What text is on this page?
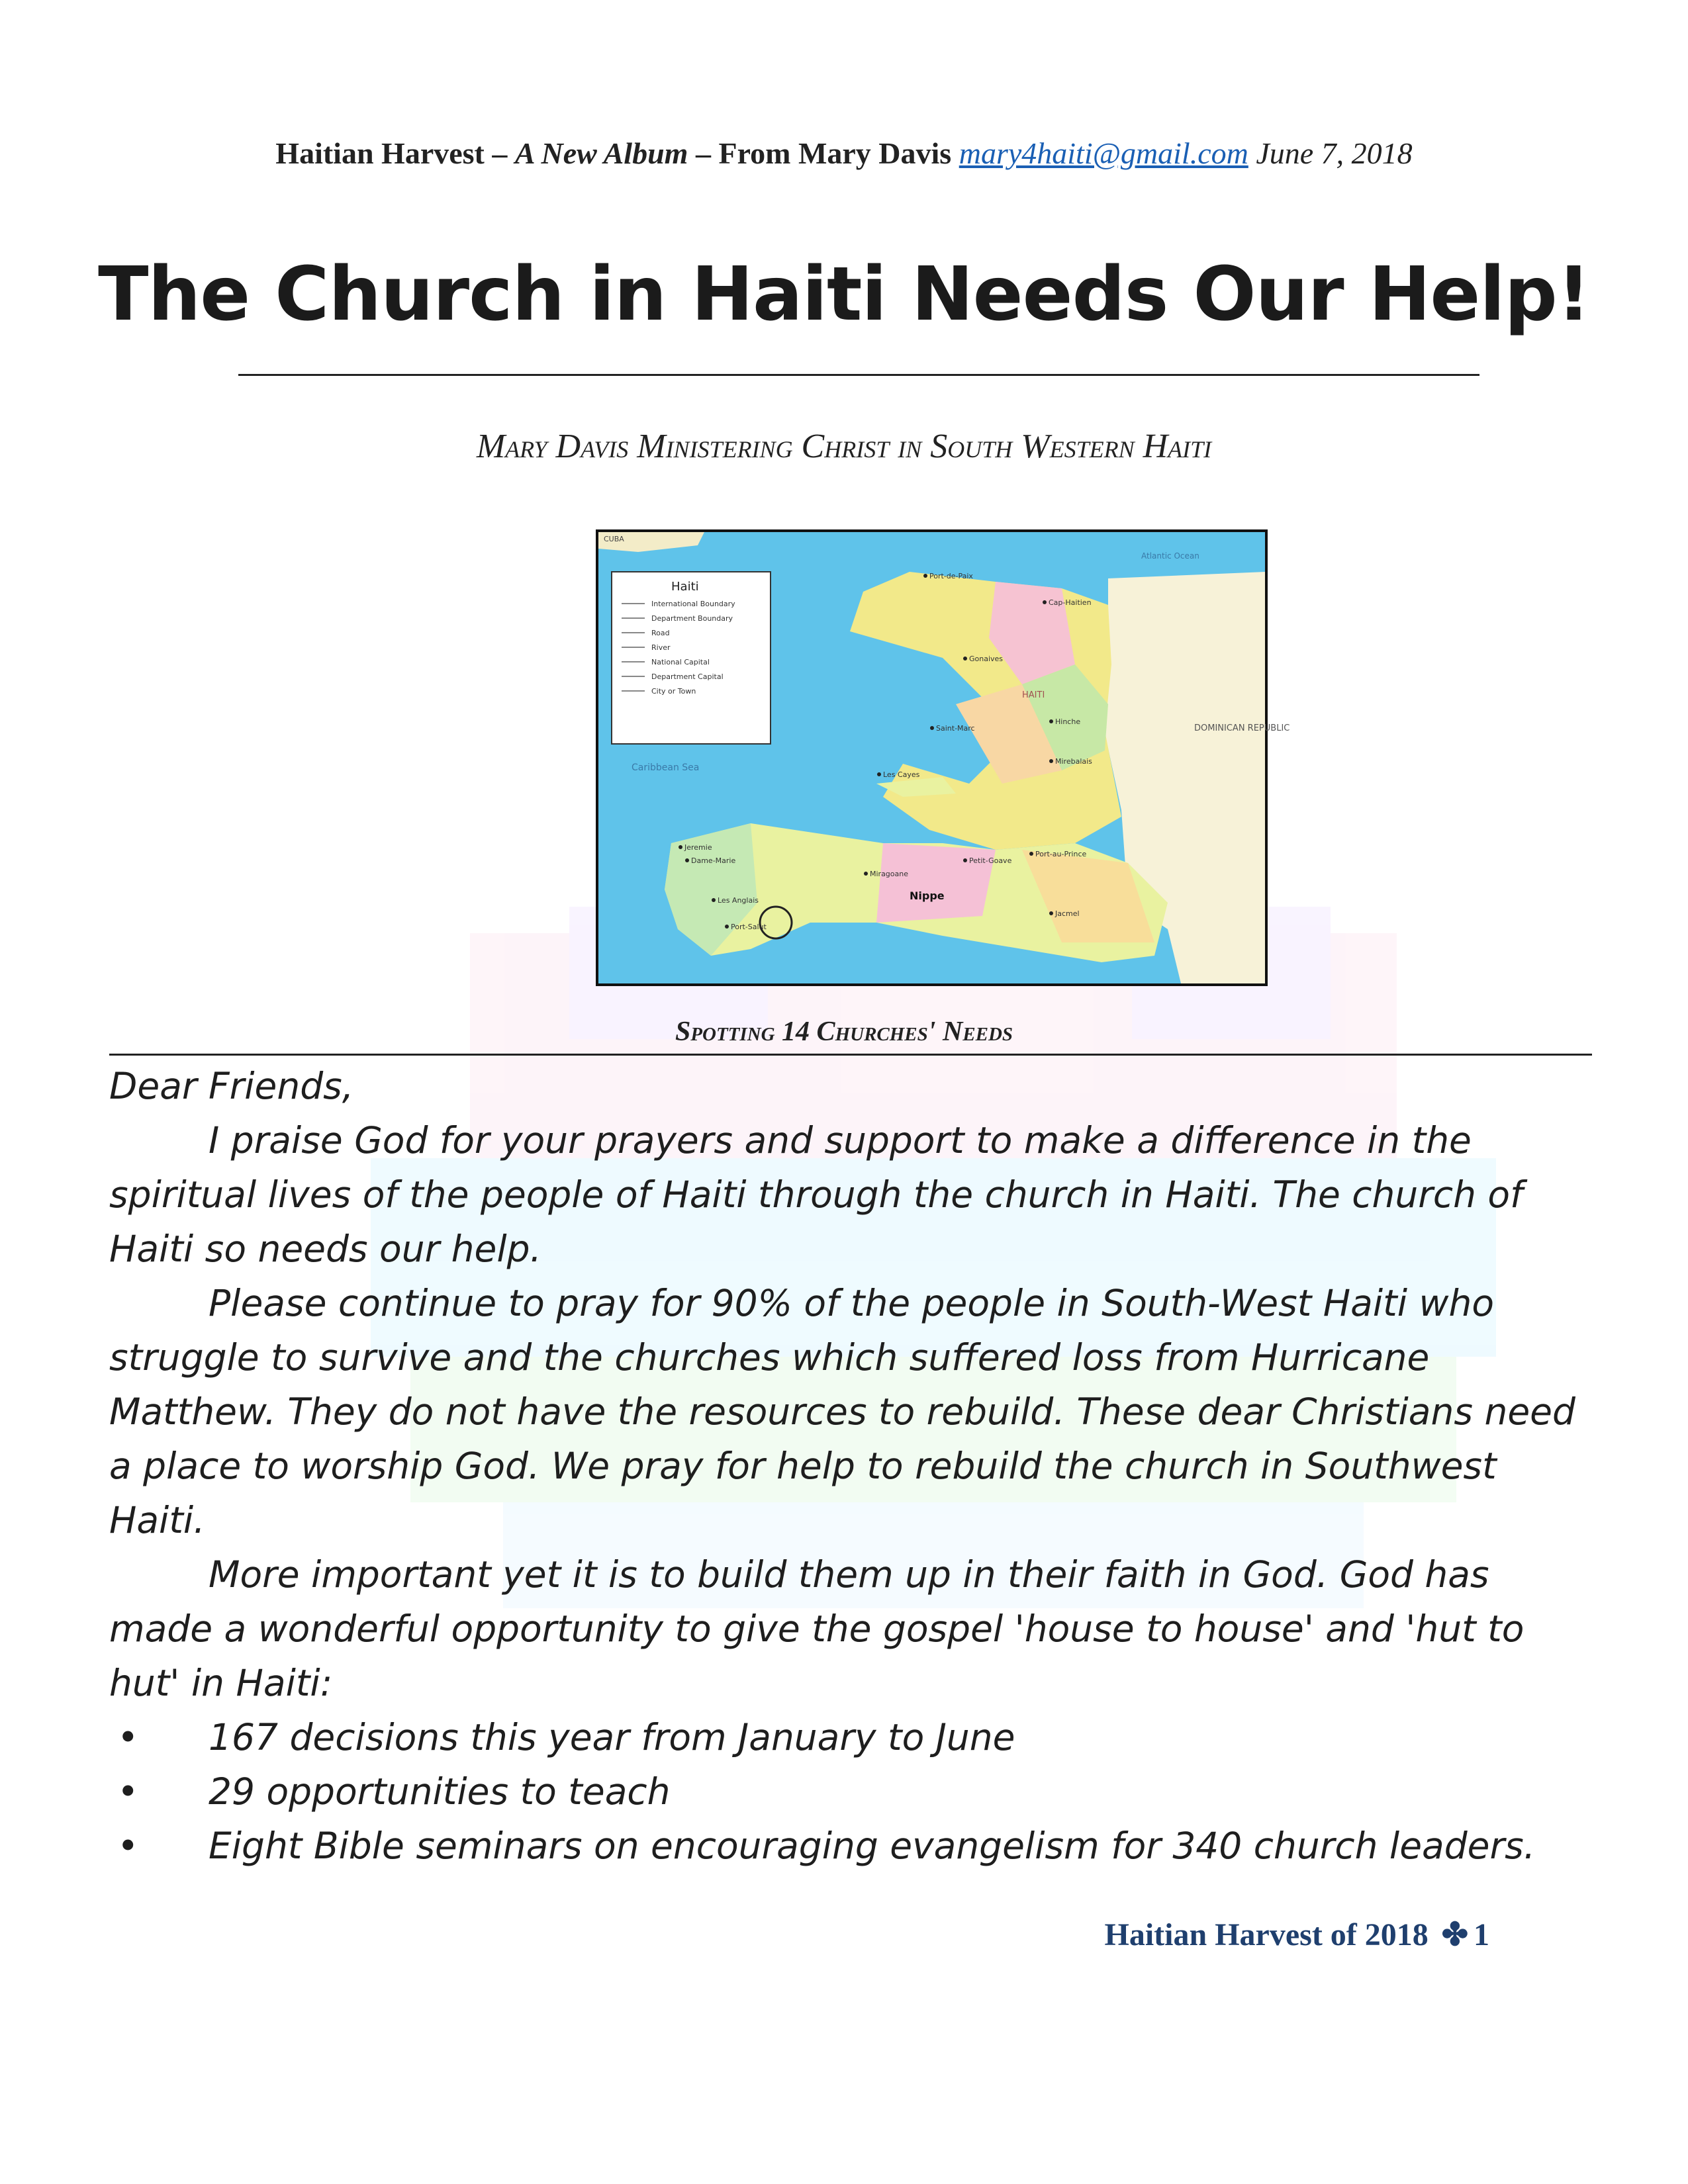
Haitian Harvest – A New Album – From Mary Davis mary4haiti@gmail.com June 7, 2018
The Church in Haiti Needs Our Help!
Mary Davis Ministering Christ in South Western Haiti
CUBA
DOMINICAN REPUBLIC
Haiti
International Boundary
Department Boundary
Road
River
National Capital
Department Capital
City or Town
Atlantic Ocean
Caribbean Sea
HAITI
Nippe
Port-de-Paix
Cap-Haitien
Gonaives
Saint-Marc
Hinche
Jeremie
Les Cayes
Port-au-Prince
Jacmel
Miragoane
Port-Salut
Dame-Marie
Les Anglais
Petit-Goave
Mirebalais
Spotting 14 Churches' Needs

Dear Friends,

I praise God for your prayers and support to make a difference in the spiritual lives of the people of Haiti through the church in Haiti. The church of Haiti so needs our help.

Please continue to pray for 90% of the people in South-West Haiti who struggle to survive and the churches which suffered loss from Hurricane Matthew. They do not have the resources to rebuild. These dear Christians need a place to worship God. We pray for help to rebuild the church in Southwest Haiti.

More important yet it is to build them up in their faith in God. God has made a wonderful opportunity to give the gospel 'house to house' and 'hut to hut' in Haiti:

• 167 decisions this year from January to June
• 29 opportunities to teach
• Eight Bible seminars on encouraging evangelism for 340 church leaders.
Haitian Harvest of 2018 ✤ 1
